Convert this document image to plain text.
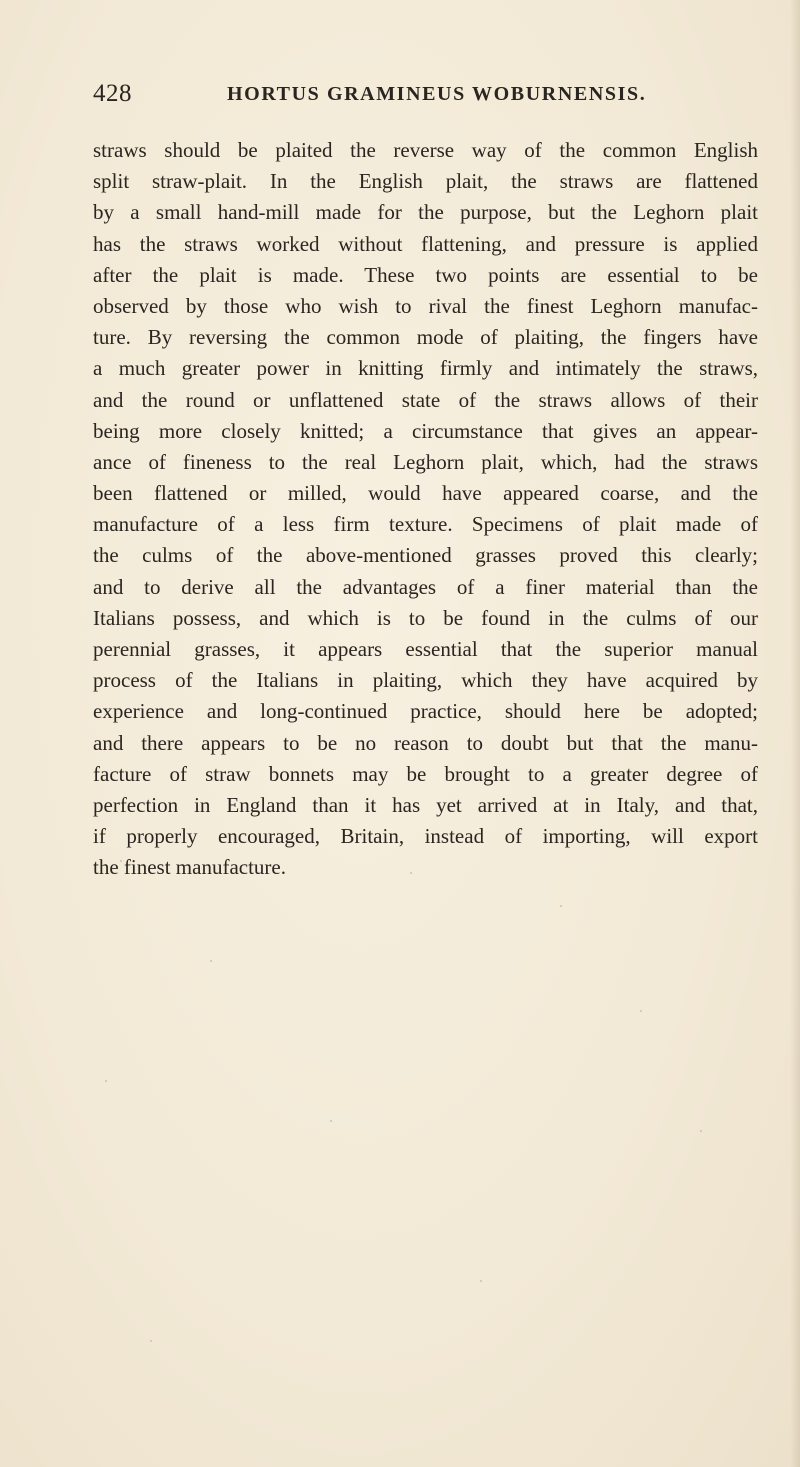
428	HORTUS GRAMINEUS WOBURNENSIS.
straws should be plaited the reverse way of the common English
split straw-plait. In the English plait, the straws are flattened
by a small hand-mill made for the purpose, but the Leghorn plait
has the straws worked without flattening, and pressure is applied
after the plait is made. These two points are essential to be
observed by those who wish to rival the finest Leghorn manufac-
ture. By reversing the common mode of plaiting, the fingers have
a much greater power in knitting firmly and intimately the straws,
and the round or unflattened state of the straws allows of their
being more closely knitted; a circumstance that gives an appear-
ance of fineness to the real Leghorn plait, which, had the straws
been flattened or milled, would have appeared coarse, and the
manufacture of a less firm texture. Specimens of plait made of
the culms of the above-mentioned grasses proved this clearly;
and to derive all the advantages of a finer material than the
Italians possess, and which is to be found in the culms of our
perennial grasses, it appears essential that the superior manual
process of the Italians in plaiting, which they have acquired by
experience and long-continued practice, should here be adopted;
and there appears to be no reason to doubt but that the manu-
facture of straw bonnets may be brought to a greater degree of
perfection in England than it has yet arrived at in Italy, and that,
if properly encouraged, Britain, instead of importing, will export
the finest manufacture.
